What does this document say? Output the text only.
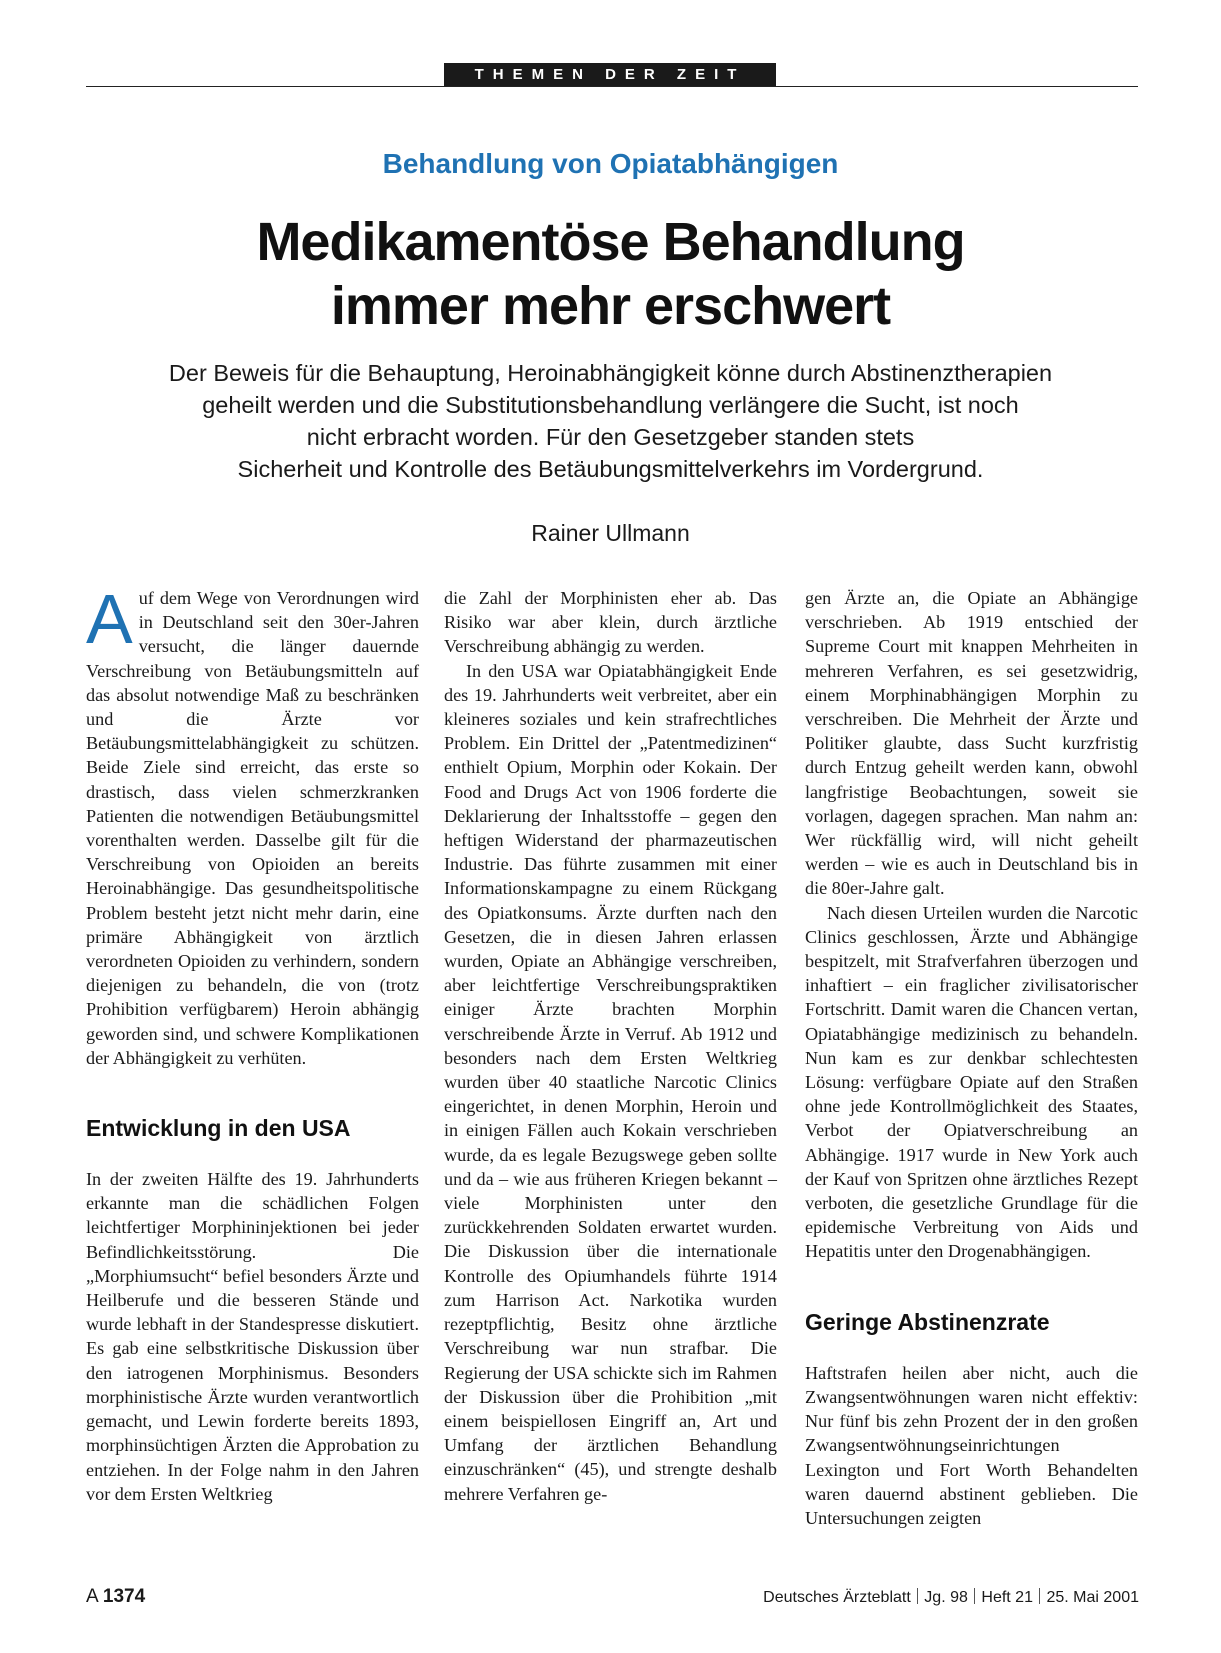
THEMEN DER ZEIT
Behandlung von Opiatabhängigen
Medikamentöse Behandlung
immer mehr erschwert
Der Beweis für die Behauptung, Heroinabhängigkeit könne durch Abstinenztherapien
geheilt werden und die Substitutionsbehandlung verlängere die Sucht, ist noch
nicht erbracht worden. Für den Gesetzgeber standen stets
Sicherheit und Kontrolle des Betäubungsmittelverkehrs im Vordergrund.
Rainer Ullmann

Auf dem Wege von Verordnungen wird in Deutschland seit den 30er-Jahren versucht, die länger dauernde Verschreibung von Betäubungsmitteln auf das absolut notwendige Maß zu beschränken und die Ärzte vor Betäubungsmittelabhängigkeit zu schützen. Beide Ziele sind erreicht, das erste so drastisch, dass vielen schmerzkranken Patienten die notwendigen Betäubungsmittel vorenthalten werden. Dasselbe gilt für die Verschreibung von Opioiden an bereits Heroinabhängige. Das gesundheitspolitische Problem besteht jetzt nicht mehr darin, eine primäre Abhängigkeit von ärztlich verordneten Opioiden zu verhindern, sondern diejenigen zu behandeln, die von (trotz Prohibition verfügbarem) Heroin abhängig geworden sind, und schwere Komplikationen der Abhängigkeit zu verhüten.

Entwicklung in den USA

In der zweiten Hälfte des 19. Jahrhunderts erkannte man die schädlichen Folgen leichtfertiger Morphininjektionen bei jeder Befindlichkeitsstörung. Die „Morphiumsucht“ befiel besonders Ärzte und Heilberufe und die besseren Stände und wurde lebhaft in der Standespresse diskutiert. Es gab eine selbstkritische Diskussion über den iatrogenen Morphinismus. Besonders morphinistische Ärzte wurden verantwortlich gemacht, und Lewin forderte bereits 1893, morphinsüchtigen Ärzten die Approbation zu entziehen. In der Folge nahm in den Jahren vor dem Ersten Weltkrieg

die Zahl der Morphinisten eher ab. Das Risiko war aber klein, durch ärztliche Verschreibung abhängig zu werden.

In den USA war Opiatabhängigkeit Ende des 19. Jahrhunderts weit verbreitet, aber ein kleineres soziales und kein strafrechtliches Problem. Ein Drittel der „Patentmedizinen“ enthielt Opium, Morphin oder Kokain. Der Food and Drugs Act von 1906 forderte die Deklarierung der Inhaltsstoffe – gegen den heftigen Widerstand der pharmazeutischen Industrie. Das führte zusammen mit einer Informationskampagne zu einem Rückgang des Opiatkonsums. Ärzte durften nach den Gesetzen, die in diesen Jahren erlassen wurden, Opiate an Abhängige verschreiben, aber leichtfertige Verschreibungspraktiken einiger Ärzte brachten Morphin verschreibende Ärzte in Verruf. Ab 1912 und besonders nach dem Ersten Weltkrieg wurden über 40 staatliche Narcotic Clinics eingerichtet, in denen Morphin, Heroin und in einigen Fällen auch Kokain verschrieben wurde, da es legale Bezugswege geben sollte und da – wie aus früheren Kriegen bekannt – viele Morphinisten unter den zurückkehrenden Soldaten erwartet wurden. Die Diskussion über die internationale Kontrolle des Opiumhandels führte 1914 zum Harrison Act. Narkotika wurden rezeptpflichtig, Besitz ohne ärztliche Verschreibung war nun strafbar. Die Regierung der USA schickte sich im Rahmen der Diskussion über die Prohibition „mit einem beispiellosen Eingriff an, Art und Umfang der ärztlichen Behandlung einzuschränken“ (45), und strengte deshalb mehrere Verfahren ge-

gen Ärzte an, die Opiate an Abhängige verschrieben. Ab 1919 entschied der Supreme Court mit knappen Mehrheiten in mehreren Verfahren, es sei gesetzwidrig, einem Morphinabhängigen Morphin zu verschreiben. Die Mehrheit der Ärzte und Politiker glaubte, dass Sucht kurzfristig durch Entzug geheilt werden kann, obwohl langfristige Beobachtungen, soweit sie vorlagen, dagegen sprachen. Man nahm an: Wer rückfällig wird, will nicht geheilt werden – wie es auch in Deutschland bis in die 80er-Jahre galt.

Nach diesen Urteilen wurden die Narcotic Clinics geschlossen, Ärzte und Abhängige bespitzelt, mit Strafverfahren überzogen und inhaftiert – ein fraglicher zivilisatorischer Fortschritt. Damit waren die Chancen vertan, Opiatabhängige medizinisch zu behandeln. Nun kam es zur denkbar schlechtesten Lösung: verfügbare Opiate auf den Straßen ohne jede Kontrollmöglichkeit des Staates, Verbot der Opiatverschreibung an Abhängige. 1917 wurde in New York auch der Kauf von Spritzen ohne ärztliches Rezept verboten, die gesetzliche Grundlage für die epidemische Verbreitung von Aids und Hepatitis unter den Drogenabhängigen.

Geringe Abstinenzrate

Haftstrafen heilen aber nicht, auch die Zwangsentwöhnungen waren nicht effektiv: Nur fünf bis zehn Prozent der in den großen Zwangsentwöhnungseinrichtungen Lexington und Fort Worth Behandelten waren dauernd abstinent geblieben. Die Untersuchungen zeigten

A 1374	Deutsches Ärzteblatt Jg. 98 Heft 21 25. Mai 2001
